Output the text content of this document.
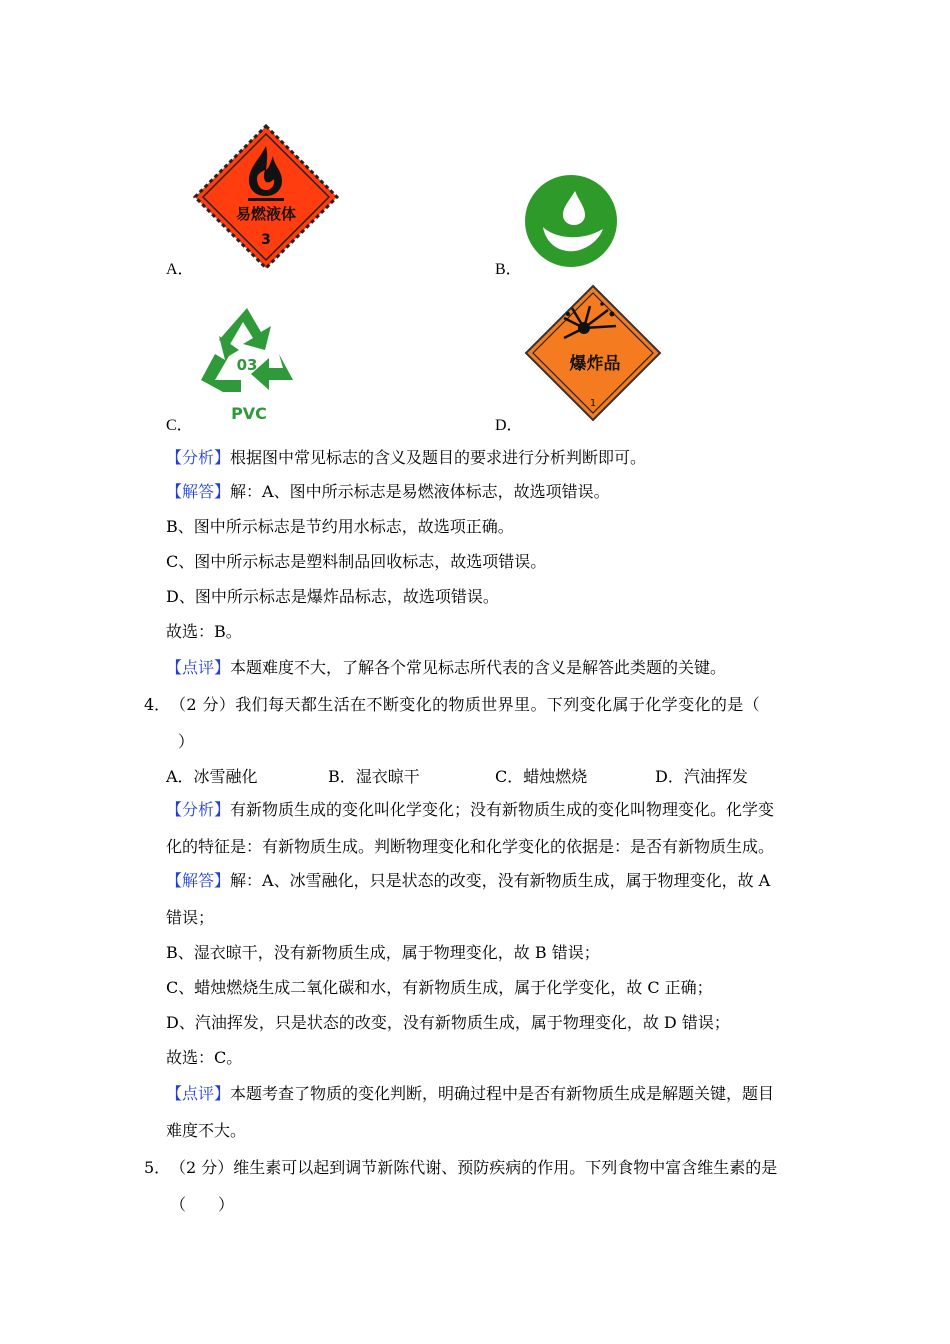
A．
易燃液体
3
B．
C．
03
PVC
D．
爆炸品
1
【分析】根据图中常见标志的含义及题目的要求进行分析判断即可。
【解答】解：A、图中所示标志是易燃液体标志，故选项错误。
B、图中所示标志是节约用水标志，故选项正确。
C、图中所示标志是塑料制品回收标志，故选项错误。
D、图中所示标志是爆炸品标志，故选项错误。
故选：B。
【点评】本题难度不大，了解各个常见标志所代表的含义是解答此类题的关键。
4． （2 分）我们每天都生活在不断变化的物质世界里。下列变化属于化学变化的是（
）
A．冰雪融化	B．湿衣晾干	C．蜡烛燃烧	D．汽油挥发
【分析】有新物质生成的变化叫化学变化；没有新物质生成的变化叫物理变化。化学变
化的特征是：有新物质生成。判断物理变化和化学变化的依据是：是否有新物质生成。
【解答】解：A、冰雪融化，只是状态的改变，没有新物质生成，属于物理变化，故 A
错误；
B、湿衣晾干，没有新物质生成，属于物理变化，故 B 错误；
C、蜡烛燃烧生成二氧化碳和水，有新物质生成，属于化学变化，故 C 正确；
D、汽油挥发，只是状态的改变，没有新物质生成，属于物理变化，故 D 错误；
故选：C。
【点评】本题考查了物质的变化判断，明确过程中是否有新物质生成是解题关键，题目
难度不大。
5． （2 分）维生素可以起到调节新陈代谢、预防疾病的作用。下列食物中富含维生素的是
（　　）
